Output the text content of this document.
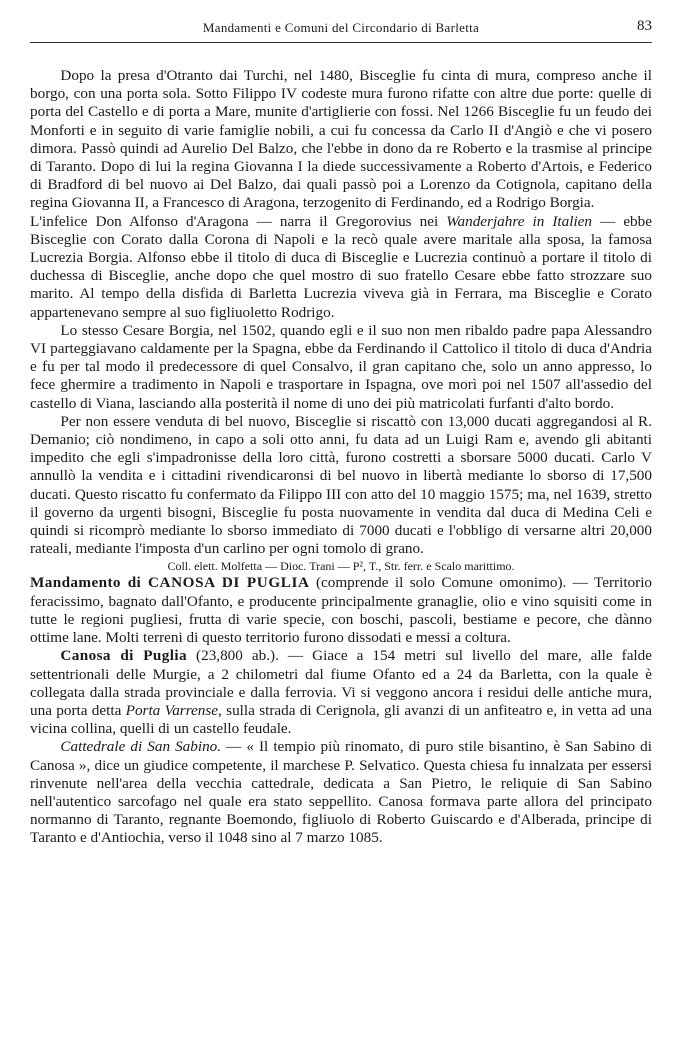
Mandamenti e Comuni del Circondario di Barletta	83

Dopo la presa d'Otranto dai Turchi, nel 1480, Bisceglie fu cinta di mura, compreso anche il borgo, con una porta sola. Sotto Filippo IV codeste mura furono rifatte con altre due porte: quelle di porta del Castello e di porta a Mare, munite d'artiglierie con fossi. Nel 1266 Bisceglie fu un feudo dei Monforti e in seguito di varie famiglie nobili, a cui fu concessa da Carlo II d'Angiò e che vi posero dimora. Passò quindi ad Aurelio Del Balzo, che l'ebbe in dono da re Roberto e la trasmise al principe di Taranto. Dopo di lui la regina Giovanna I la diede successivamente a Roberto d'Artois, e Federico di Bradford di bel nuovo ai Del Balzo, dai quali passò poi a Lorenzo da Cotignola, capitano della regina Giovanna II, a Francesco di Aragona, terzogenito di Ferdinando, ed a Rodrigo Borgia.

L'infelice Don Alfonso d'Aragona — narra il Gregorovius nei Wanderjahre in Italien — ebbe Bisceglie con Corato dalla Corona di Napoli e la recò quale avere maritale alla sposa, la famosa Lucrezia Borgia. Alfonso ebbe il titolo di duca di Bisceglie e Lucrezia continuò a portare il titolo di duchessa di Bisceglie, anche dopo che quel mostro di suo fratello Cesare ebbe fatto strozzare suo marito. Al tempo della disfida di Barletta Lucrezia viveva già in Ferrara, ma Bisceglie e Corato appartenevano sempre al suo figliuoletto Rodrigo.

Lo stesso Cesare Borgia, nel 1502, quando egli e il suo non men ribaldo padre papa Alessandro VI parteggiavano caldamente per la Spagna, ebbe da Ferdinando il Cattolico il titolo di duca d'Andria e fu per tal modo il predecessore di quel Consalvo, il gran capitano che, solo un anno appresso, lo fece ghermire a tradimento in Napoli e trasportare in Ispagna, ove morì poi nel 1507 all'assedio del castello di Viana, lasciando alla posterità il nome di uno dei più matricolati furfanti d'alto bordo.

Per non essere venduta di bel nuovo, Bisceglie si riscattò con 13,000 ducati aggregandosi al R. Demanio; ciò nondimeno, in capo a soli otto anni, fu data ad un Luigi Ram e, avendo gli abitanti impedito che egli s'impadronisse della loro città, furono costretti a sborsare 5000 ducati. Carlo V annullò la vendita e i cittadini rivendicaronsi di bel nuovo in libertà mediante lo sborso di 17,500 ducati. Questo riscatto fu confermato da Filippo III con atto del 10 maggio 1575; ma, nel 1639, stretto il governo da urgenti bisogni, Bisceglie fu posta nuovamente in vendita dal duca di Medina Celi e quindi si ricomprò mediante lo sborso immediato di 7000 ducati e l'obbligo di versarne altri 20,000 rateali, mediante l'imposta d'un carlino per ogni tomolo di grano.

Coll. elett. Molfetta — Dioc. Trani — P², T., Str. ferr. e Scalo marittimo.

Mandamento di CANOSA DI PUGLIA (comprende il solo Comune omonimo). — Territorio feracissimo, bagnato dall'Ofanto, e producente principalmente granaglie, olio e vino squisiti come in tutte le regioni pugliesi, frutta di varie specie, con boschi, pascoli, bestiame e pecore, che dànno ottime lane. Molti terreni di questo territorio furono dissodati e messi a coltura.

Canosa di Puglia (23,800 ab.). — Giace a 154 metri sul livello del mare, alle falde settentrionali delle Murgie, a 2 chilometri dal fiume Ofanto ed a 24 da Barletta, con la quale è collegata dalla strada provinciale e dalla ferrovia. Vi si veggono ancora i residui delle antiche mura, una porta detta Porta Varrense, sulla strada di Cerignola, gli avanzi di un anfiteatro e, in vetta ad una vicina collina, quelli di un castello feudale.

Cattedrale di San Sabino. — « Il tempio più rinomato, di puro stile bisantino, è San Sabino di Canosa », dice un giudice competente, il marchese P. Selvatico. Questa chiesa fu innalzata per essersi rinvenute nell'area della vecchia cattedrale, dedicata a San Pietro, le reliquie di San Sabino nell'autentico sarcofago nel quale era stato seppellito. Canosa formava parte allora del principato normanno di Taranto, regnante Boemondo, figliuolo di Roberto Guiscardo e d'Alberada, principe di Taranto e d'Antiochia, verso il 1048 sino al 7 marzo 1085.
